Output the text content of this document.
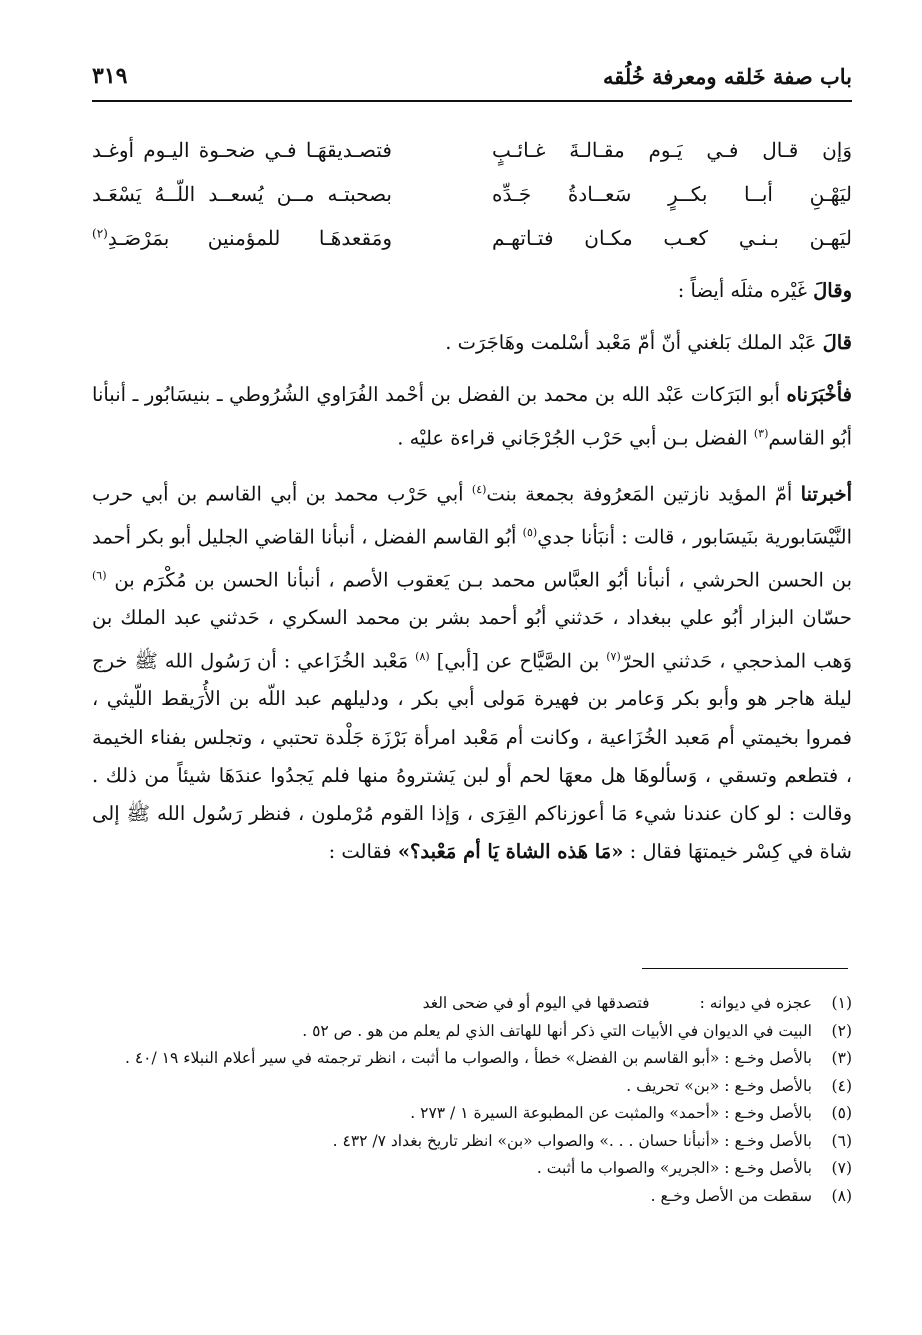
باب صفة خَلقه ومعرفة خُلُقه
٣١٩
وَإن قـال فـي يَـوم مقـالـةَ غـائـبٍ
فتصـديقهَـا فـي ضحـوة اليـوم أوغـد
ليَهْـنِ أبــا بكــرٍ سَعــادةُ جَـدِّه
بصحبتـه مــن يُسعــد اللّــهُ يَسْعَـد
ليَهـن بـنـي كعـب مكـان فتـاتهـم
ومَقعدهَـا للمؤمنين بمَرْصَـدِ$^{(٢)}$

وقالَ غَيْره مثلَه أيضاً :

قالَ عَبْد الملك بَلغني أنّ أمّ مَعْبد أسْلمت وهَاجَرَت .

فأخْبَرَناه أبو البَرَكات عَبْد الله بن محمد بن الفضل بن أحْمد الفُرَاوي الشُرُوطي ـ بنيسَابُور ـ أنبأنا أبُو القاسم$^{(٣)}$ الفضل بـن أبي حَرْب الجُرْجَاني قراءة عليْه .

أخبرتنا أمّ المؤيد نازتين المَعرُوفة بجمعة بنت$^{(٤)}$ أبي حَرْب محمد بن أبي القاسم بن أبي حرب النَّيْسَابورية بنَيسَابور ، قالت : أنبَأنا جدي$^{(٥)}$ أبُو القاسم الفضل ، أنبأنا القاضي الجليل أبو بكر أحمد بن الحسن الحرشي ، أنبأنا أبُو العبَّاس محمد بـن يَعقوب الأصم ، أنبأنا الحسن بن مُكْرَم بن $^{(٦)}$ حسّان البزار أبُو علي ببغداد ، حَدثني أبُو أحمد بشر بن محمد السكري ، حَدثني عبد الملك بن وَهب المذحجي ، حَدثني الحرّ$^{(٧)}$ بن الصَّيَّاح عن [أبي] $^{(٨)}$ مَعْبد الخُزَاعي : أن رَسُول الله ﷺ خرج ليلة هاجر هو وأبو بكر وَعامر بن فهيرة مَولى أبي بكر ، ودليلهم عبد اللّه بن الأُرَيقط اللّيثي ، فمروا بخيمتي أم مَعبد الخُزَاعية ، وكانت أم مَعْبد امرأة بَرْزَة جَلْدة تحتبي ، وتجلس بفناء الخيمة ، فتطعم وتسقي ، وَسألوهَا هل معهَا لحم أو لبن يَشتروهُ منها فلم يَجدُوا عندَهَا شيئاً من ذلك . وقالت : لو كان عندنا شيء مَا أعوزناكم القِرَى ، وَإذا القوم مُرْملون ، فنظر رَسُول الله ﷺ إلى شاة في كِسْر خيمتهَا فقال : «مَا هَذه الشاة يَا أم مَعْبد؟» فقالت :

(١)
عجزه في ديوانه :فتصدقها في اليوم أو في ضحى الغد
(٢)
البيت في الديوان في الأبيات التي ذكر أنها للهاتف الذي لم يعلم من هو . ص ٥٢ .
(٣)
بالأصل وخـع : «أبو القاسم بن الفضل» خطأ ، والصواب ما أثبت ، انظر ترجمته في سير أعلام النبلاء ١٩ /٤٠ .
(٤)
بالأصل وخـع : «بن» تحريف .
(٥)
بالأصل وخـع : «أحمد» والمثبت عن المطبوعة السيرة ١ / ٢٧٣ .
(٦)
بالأصل وخـع : «أنبأنا حسان . . .» والصواب «بن» انظر تاريخ بغداد ٧/ ٤٣٢ .
(٧)
بالأصل وخـع : «الجرير» والصواب ما أثبت .
(٨)
سقطت من الأصل وخـع .
